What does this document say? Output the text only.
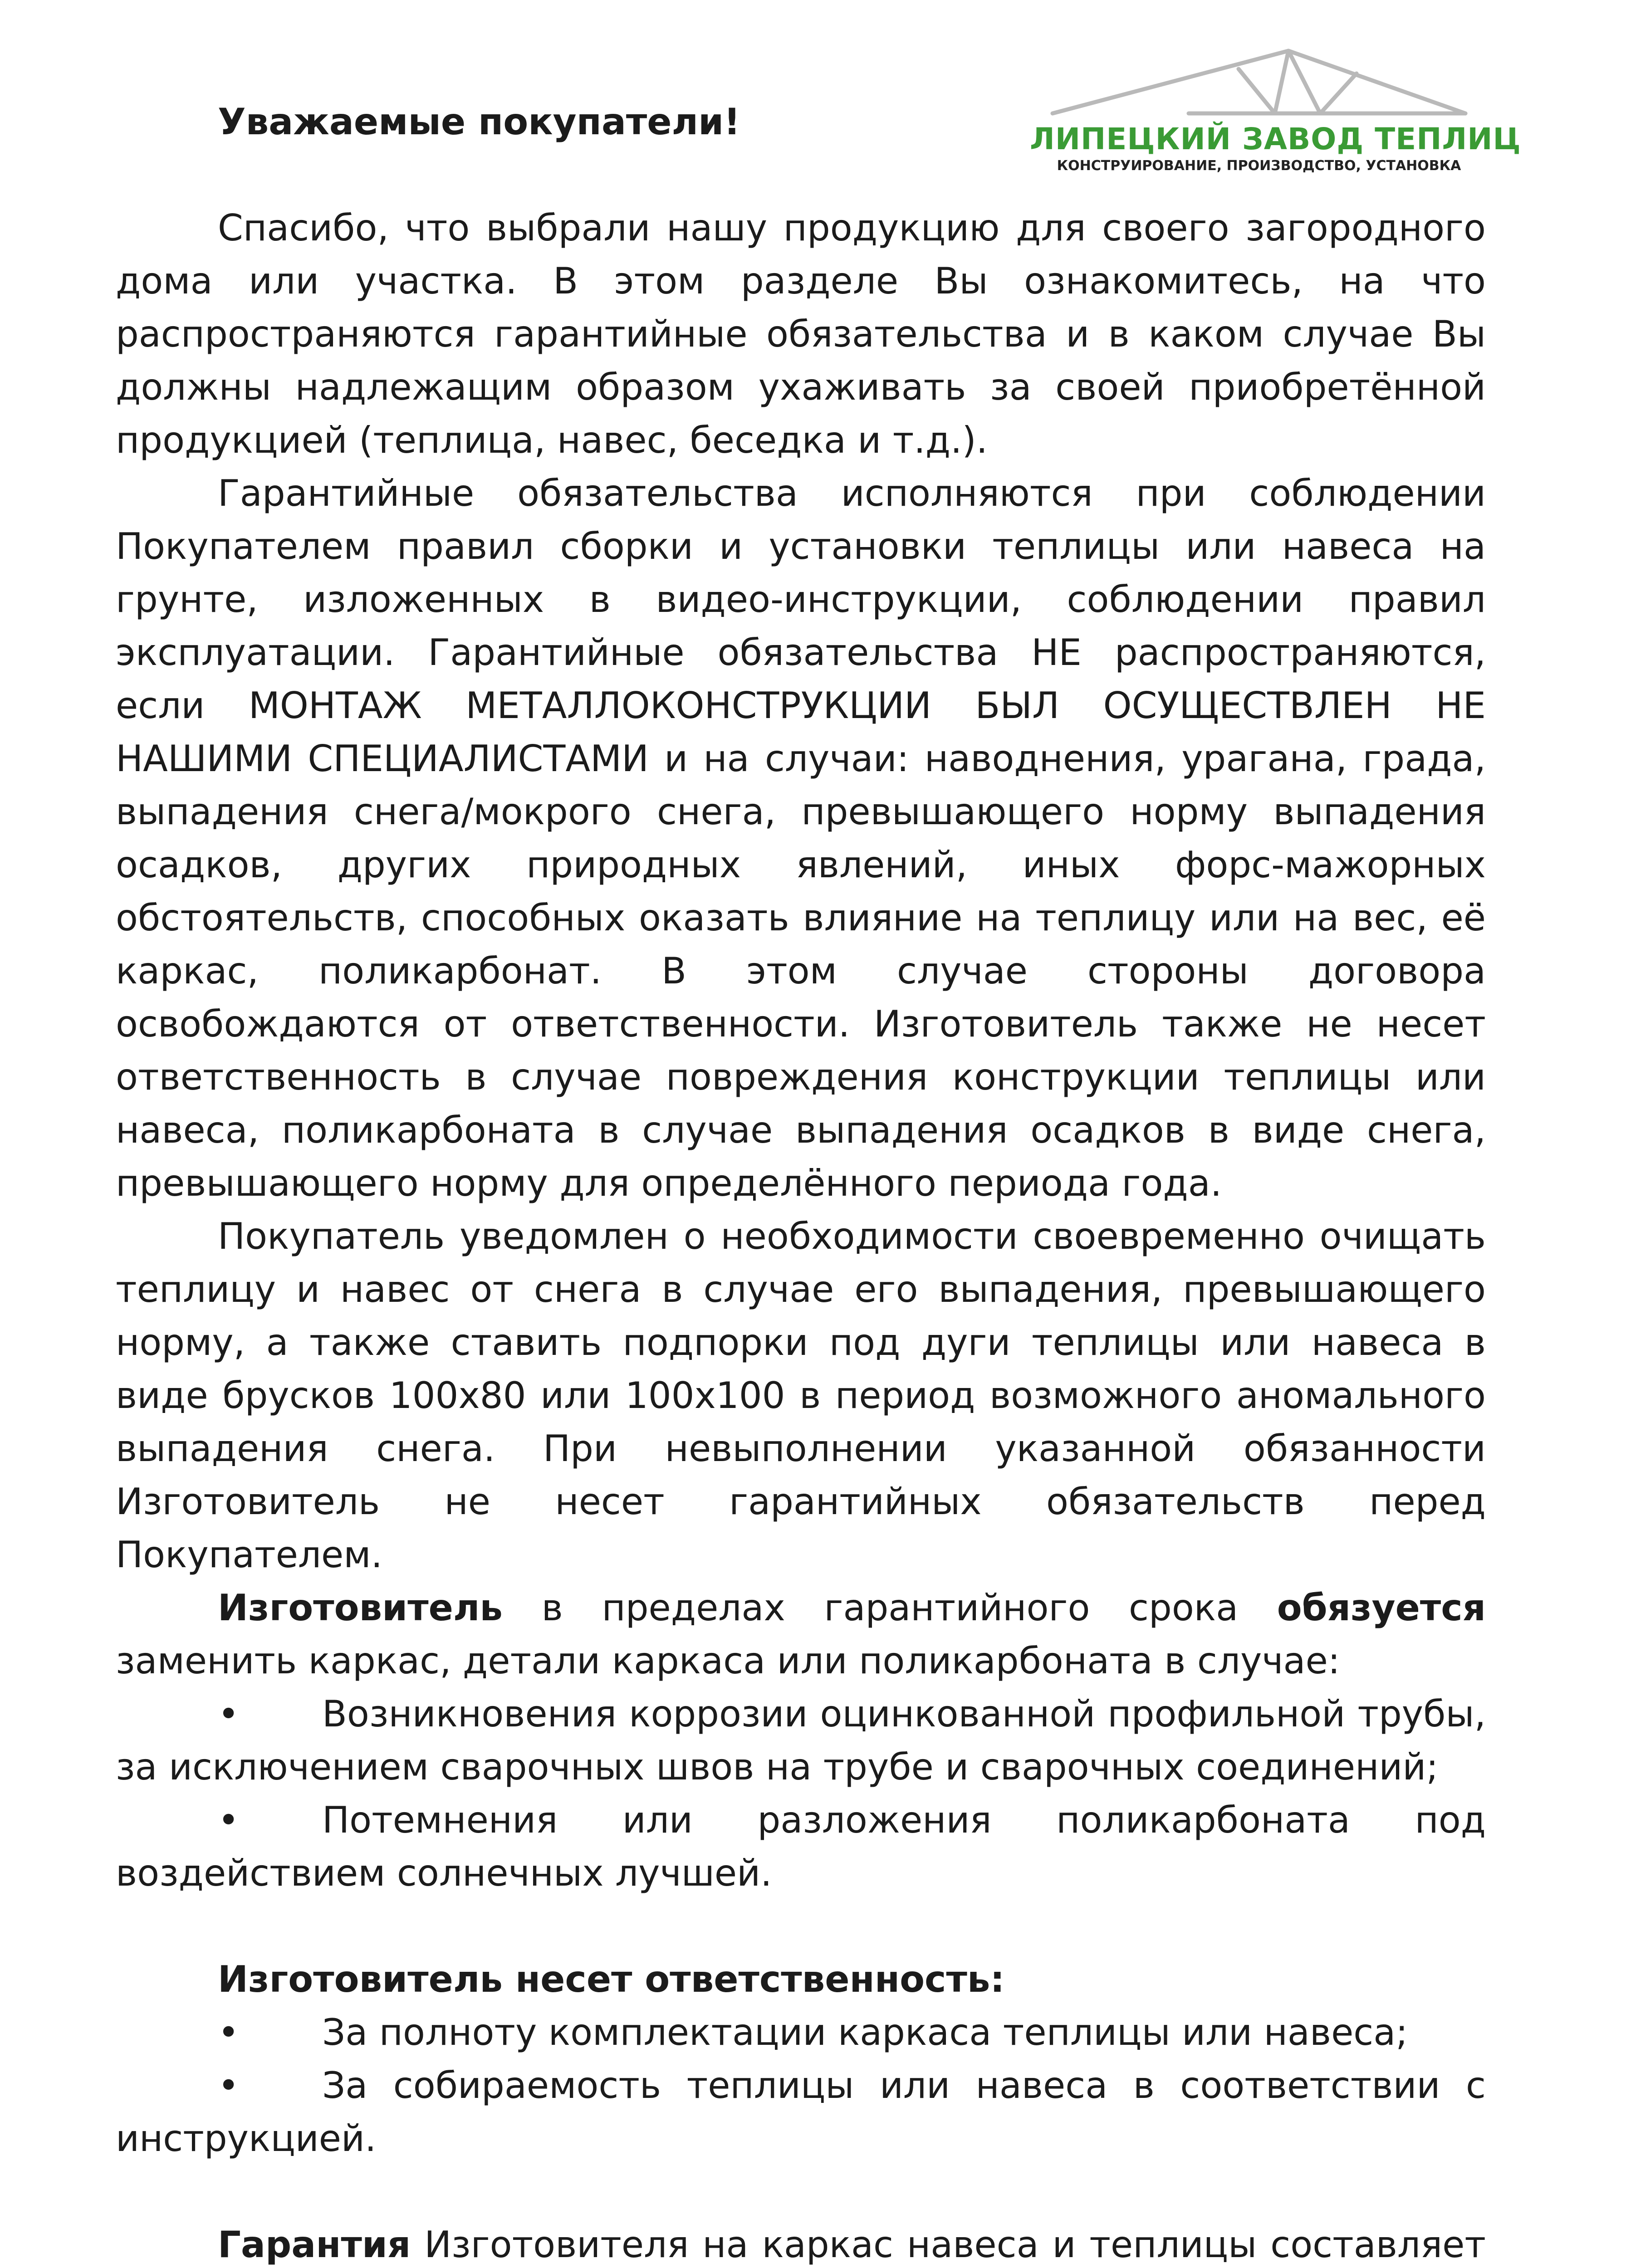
ЛИПЕЦКИЙ ЗАВОД ТЕПЛИЦ
КОНСТРУИРОВАНИЕ, ПРОИЗВОДСТВО, УСТАНОВКА

Уважаемые покупатели!

Спасибо, что выбрали нашу продукцию для своего загородного дома или участка. В этом разделе Вы ознакомитесь, на что распространяются гарантийные обязательства и в каком случае Вы должны надлежащим образом ухаживать за своей приобретённой продукцией (теплица, навес, беседка и т.д.).

Гарантийные обязательства исполняются при соблюдении Покупателем правил сборки и установки теплицы или навеса на грунте, изложенных в видео-инструкции, соблюдении правил эксплуатации. Гарантийные обязательства НЕ распространяются, если МОНТАЖ МЕТАЛЛОКОНСТРУКЦИИ БЫЛ ОСУЩЕСТВЛЕН НЕ НАШИМИ СПЕЦИАЛИСТАМИ и на случаи: наводнения, урагана, града, выпадения снега/мокрого снега, превышающего норму выпадения осадков, других природных явлений, иных форс-мажорных обстоятельств, способных оказать влияние на теплицу или на вес, её каркас, поликарбонат. В этом случае стороны договора освобождаются от ответственности. Изготовитель также не несет ответственность в случае повреждения конструкции теплицы или навеса, поликарбоната в случае выпадения осадков в виде снега, превышающего норму для определённого периода года.

Покупатель уведомлен о необходимости своевременно очищать теплицу и навес от снега в случае его выпадения, превышающего норму, а также ставить подпорки под дуги теплицы или навеса в виде брусков 100х80 или 100х100 в период возможного аномального выпадения снега. При невыполнении указанной обязанности Изготовитель не несет гарантийных обязательств перед Покупателем.

Изготовитель в пределах гарантийного срока обязуется заменить каркас, детали каркаса или поликарбоната в случае:

• Возникновения коррозии оцинкованной профильной трубы, за исключением сварочных швов на трубе и сварочных соединений;

• Потемнения или разложения поликарбоната под воздействием солнечных лучшей.

Изготовитель несет ответственность:

• За полноту комплектации каркаса теплицы или навеса;

• За собираемость теплицы или навеса в соответствии с инструкцией.

Гарантия Изготовителя на каркас навеса и теплицы составляет
